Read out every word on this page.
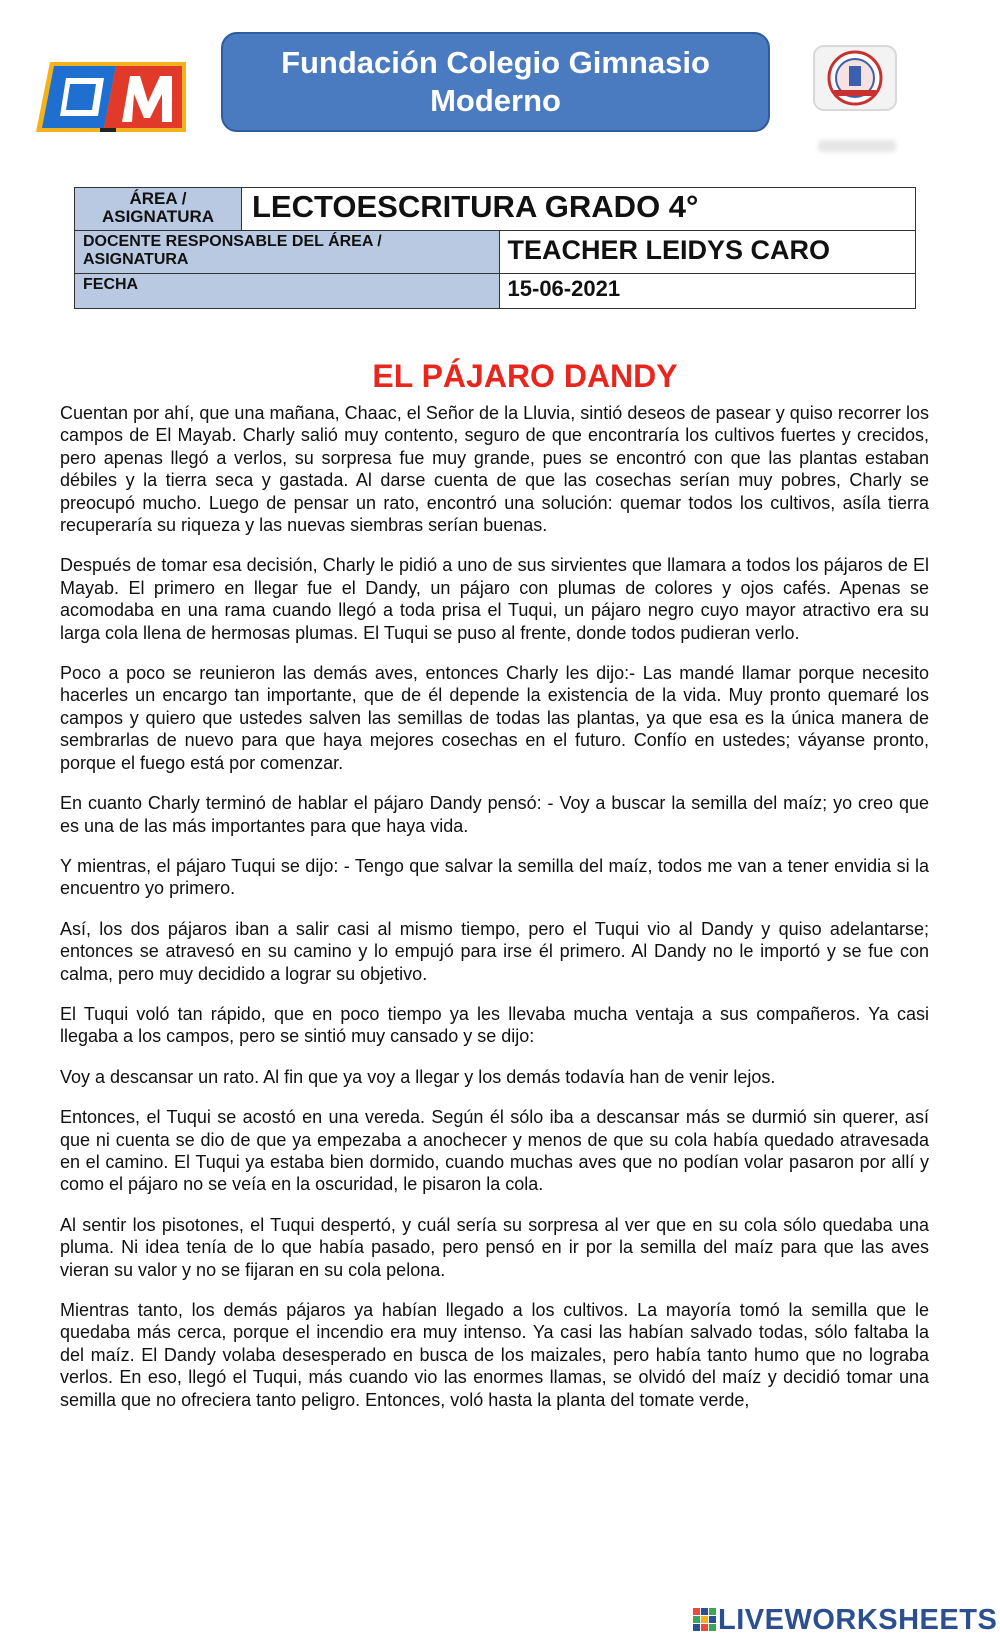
Fundación Colegio Gimnasio
Moderno
ÁREA / ASIGNATURA	LECTOESCRITURA GRADO 4°	
DOCENTE RESPONSABLE DEL ÁREA / ASIGNATURA		TEACHER LEIDYS CARO
FECHA		15-06-2021
EL PÁJARO DANDY

Cuentan por ahí, que una mañana, Chaac, el Señor de la Lluvia, sintió deseos de pasear y quiso recorrer los campos de El Mayab. Charly salió muy contento, seguro de que encontraría los cultivos fuertes y crecidos, pero apenas llegó a verlos, su sorpresa fue muy grande, pues se encontró con que las plantas estaban débiles y la tierra seca y gastada. Al darse cuenta de que las cosechas serían muy pobres, Charly se preocupó mucho. Luego de pensar un rato, encontró una solución: quemar todos los cultivos, asíla tierra recuperaría su riqueza y las nuevas siembras serían buenas.

Después de tomar esa decisión, Charly le pidió a uno de sus sirvientes que llamara a todos los pájaros de El Mayab. El primero en llegar fue el Dandy, un pájaro con plumas de colores y ojos cafés. Apenas se acomodaba en una rama cuando llegó a toda prisa el Tuqui, un pájaro negro cuyo mayor atractivo era su larga cola llena de hermosas plumas. El Tuqui se puso al frente, donde todos pudieran verlo.

Poco a poco se reunieron las demás aves, entonces Charly les dijo:- Las mandé llamar porque necesito hacerles un encargo tan importante, que de él depende la existencia de la vida. Muy pronto quemaré los campos y quiero que ustedes salven las semillas de todas las plantas, ya que esa es la única manera de sembrarlas de nuevo para que haya mejores cosechas en el futuro. Confío en ustedes; váyanse pronto, porque el fuego está por comenzar.

En cuanto Charly terminó de hablar el pájaro Dandy pensó: - Voy a buscar la semilla del maíz; yo creo que es una de las más importantes para que haya vida.

Y mientras, el pájaro Tuqui se dijo: - Tengo que salvar la semilla del maíz, todos me van a tener envidia si la encuentro yo primero.

Así, los dos pájaros iban a salir casi al mismo tiempo, pero el Tuqui vio al Dandy y quiso adelantarse; entonces se atravesó en su camino y lo empujó para irse él primero. Al Dandy no le importó y se fue con calma, pero muy decidido a lograr su objetivo.

El Tuqui voló tan rápido, que en poco tiempo ya les llevaba mucha ventaja a sus compañeros. Ya casi llegaba a los campos, pero se sintió muy cansado y se dijo:

Voy a descansar un rato. Al fin que ya voy a llegar y los demás todavía han de venir lejos.

Entonces, el Tuqui se acostó en una vereda. Según él sólo iba a descansar más se durmió sin querer, así que ni cuenta se dio de que ya empezaba a anochecer y menos de que su cola había quedado atravesada en el camino. El Tuqui ya estaba bien dormido, cuando muchas aves que no podían volar pasaron por allí y como el pájaro no se veía en la oscuridad, le pisaron la cola.

Al sentir los pisotones, el Tuqui despertó, y cuál sería su sorpresa al ver que en su cola sólo quedaba una pluma. Ni idea tenía de lo que había pasado, pero pensó en ir por la semilla del maíz para que las aves vieran su valor y no se fijaran en su cola pelona.

Mientras tanto, los demás pájaros ya habían llegado a los cultivos. La mayoría tomó la semilla que le quedaba más cerca, porque el incendio era muy intenso. Ya casi las habían salvado todas, sólo faltaba la del maíz. El Dandy volaba desesperado en busca de los maizales, pero había tanto humo que no lograba verlos. En eso, llegó el Tuqui, más cuando vio las enormes llamas, se olvidó del maíz y decidió tomar una semilla que no ofreciera tanto peligro. Entonces, voló hasta la planta del tomate verde,

LIVEWORKSHEETS
